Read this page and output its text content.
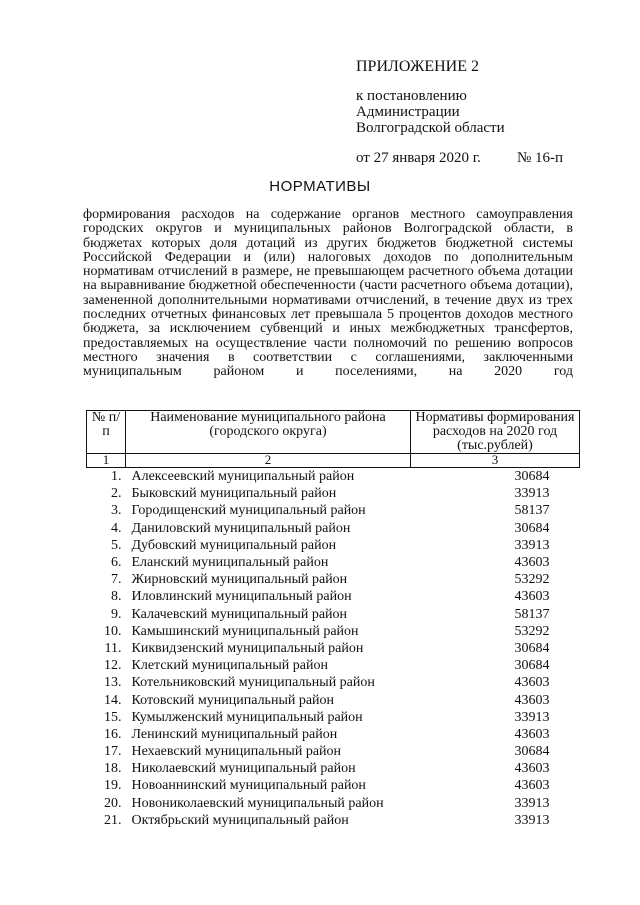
ПРИЛОЖЕНИЕ 2
к постановлению
Администрации
Волгоградской области
от 27 января 2020 г. № 16-п
НОРМАТИВЫ
формирования расходов на содержание органов местного самоуправления городских округов и муниципальных районов Волгоградской области, в бюджетах которых доля дотаций из других бюджетов бюджетной системы Российской Федерации и (или) налоговых доходов по дополнительным нормативам отчислений в размере, не превышающем расчетного объема дотации на выравнивание бюджетной обеспеченности (части расчетного объема дотации), замененной дополнительными нормативами отчислений, в течение двух из трех последних отчетных финансовых лет превышала 5 процентов доходов местного бюджета, за исключением субвенций и иных межбюджетных трансфертов, предоставляемых на осуществление части полномочий по решению вопросов местного значения в соответствии с соглашениями, заключенными муниципальным районом и поселениями, на 2020 год
№ п/п	Наименование муниципального района (городского округа)	Нормативы формирования расходов на 2020 год (тыс.рублей)
1	2	3
1.	Алексеевский муниципальный район	30684
2.	Быковский муниципальный район	33913
3.	Городищенский муниципальный район	58137
4.	Даниловский муниципальный район	30684
5.	Дубовский муниципальный район	33913
6.	Еланский муниципальный район	43603
7.	Жирновский муниципальный район	53292
8.	Иловлинский муниципальный район	43603
9.	Калачевский муниципальный район	58137
10.	Камышинский муниципальный район	53292
11.	Киквидзенский муниципальный район	30684
12.	Клетский муниципальный район	30684
13.	Котельниковский муниципальный район	43603
14.	Котовский муниципальный район	43603
15.	Кумылженский муниципальный район	33913
16.	Ленинский муниципальный район	43603
17.	Нехаевский муниципальный район	30684
18.	Николаевский муниципальный район	43603
19.	Новоаннинский муниципальный район	43603
20.	Новониколаевский муниципальный район	33913
21.	Октябрьский муниципальный район	33913
